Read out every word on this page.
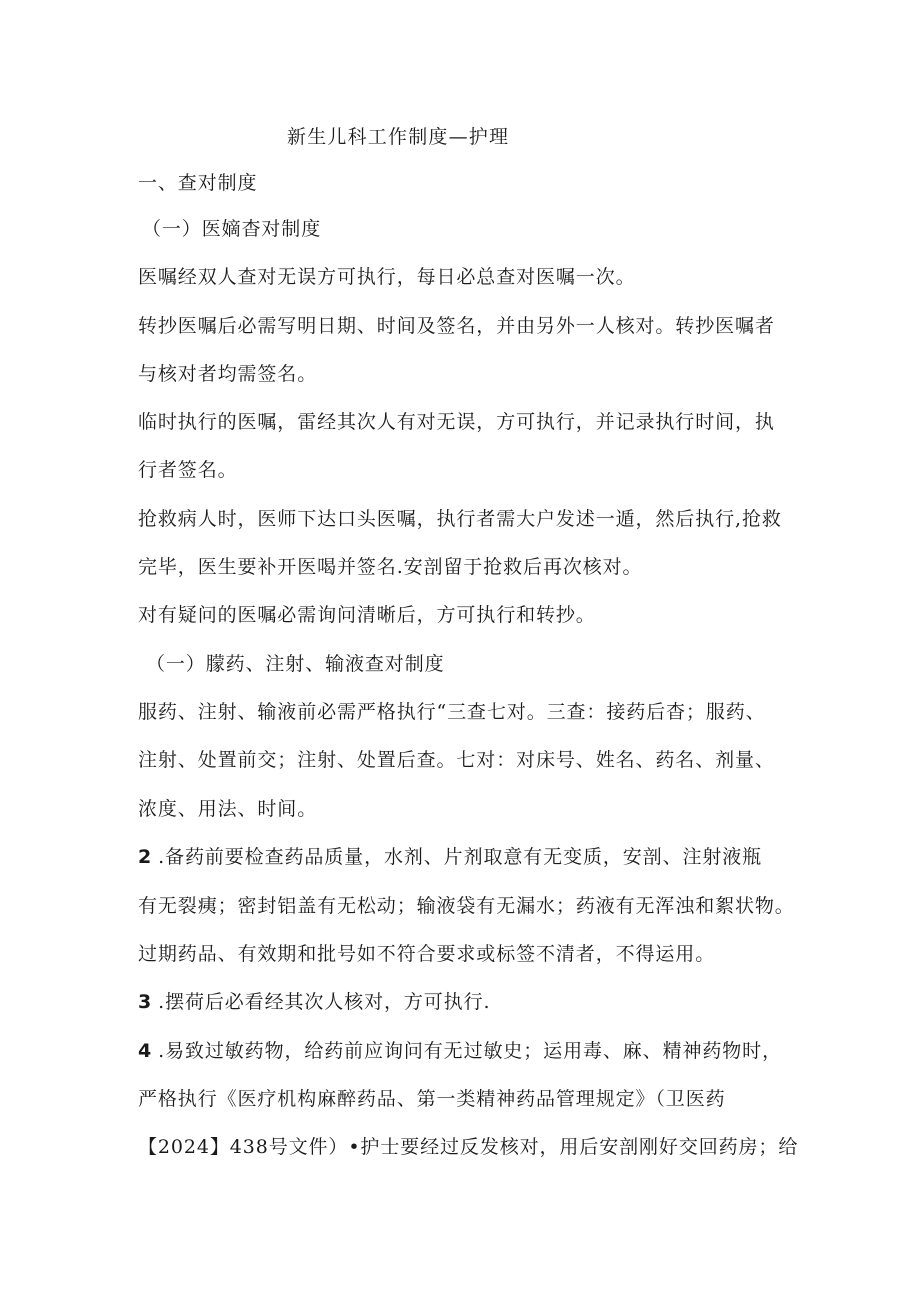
新生儿科工作制度—护理
一、查对制度
（一）医嫡杳对制度
医嘱经双人查对无误方可执行，每日必总查对医嘱一次。
转抄医嘱后必需写明日期、时间及签名，并由另外一人核对。转抄医嘱者
与核对者均需签名。
临时执行的医嘱，雷经其次人有对无误，方可执行，并记录执行时间，执
行者签名。
抢救病人时，医师下达口头医嘱，执行者需大户发述一遁，然后执行,抢救
完毕，医生要补开医喝并签名.安剖留于抢救后再次核对。
对有疑问的医嘱必需询问清晰后，方可执行和转抄。
（一）朦药、注射、输液查对制度
服药、注射、输液前必需严格执行“三查七对。三查：接药后杳；服药、
注射、处置前交；注射、处置后查。七对：对床号、姓名、药名、剂量、
浓度、用法、时间。
2 .备药前要检查药品质量，水剂、片剂取意有无变质，安剖、注射液瓶
有无裂痍；密封铝盖有无松动；输液袋有无漏水；药液有无浑浊和絮状物。
过期药品、有效期和批号如不符合要求或标签不清者，不得运用。
3 .摆荷后必看经其次人核对，方可执行.
4 .易致过敏药物，给药前应询问有无过敏史；运用毒、麻、精神药物时，
严格执行《医疗机构麻醉药品、第一类精神药品管理规定》（卫医药
【2024】438号文件）•护士要经过反发核对，用后安剖刚好交回药房；给
